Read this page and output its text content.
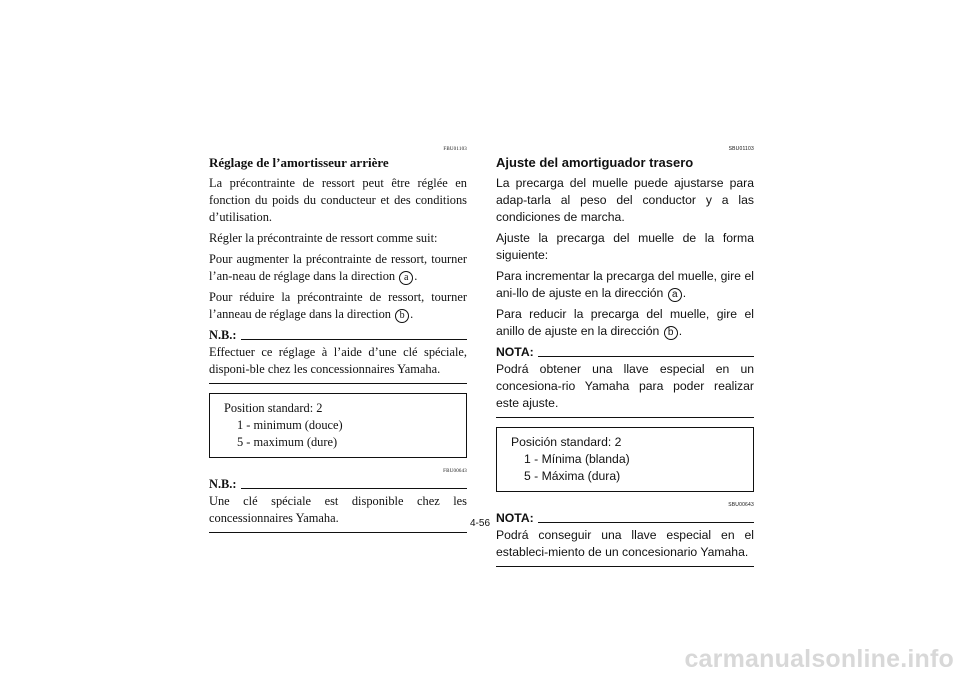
FBU01103
Réglage de l’amortisseur arrière

La précontrainte de ressort peut être réglée en fonction du poids du conducteur et des conditions d’utilisation.

Régler la précontrainte de ressort comme suit:

Pour augmenter la précontrainte de ressort, tourner l’an-neau de réglage dans la direction a .

Pour réduire la précontrainte de ressort, tourner l’anneau de réglage dans la direction b .

N.B.:

Effectuer ce réglage à l’aide d’une clé spéciale, disponi-ble chez les concessionnaires Yamaha.

Position standard: 2
1 - minimum (douce)
5 - maximum (dure)
FBU00643
N.B.:

Une clé spéciale est disponible chez les concessionnaires Yamaha.

SBU01103
Ajuste del amortiguador trasero

La precarga del muelle puede ajustarse para adap-tarla al peso del conductor y a las condiciones de marcha.

Ajuste la precarga del muelle de la forma siguiente:

Para incrementar la precarga del muelle, gire el ani-llo de ajuste en la dirección a .

Para reducir la precarga del muelle, gire el anillo de ajuste en la dirección b .

NOTA:

Podrá obtener una llave especial en un concesiona-rio Yamaha para poder realizar este ajuste.

Posición standard: 2
1 - Mínima (blanda)
5 - Máxima (dura)
SBU00643
NOTA:

Podrá conseguir una llave especial en el estableci-miento de un concesionario Yamaha.

4-56
carmanualsonline.info
